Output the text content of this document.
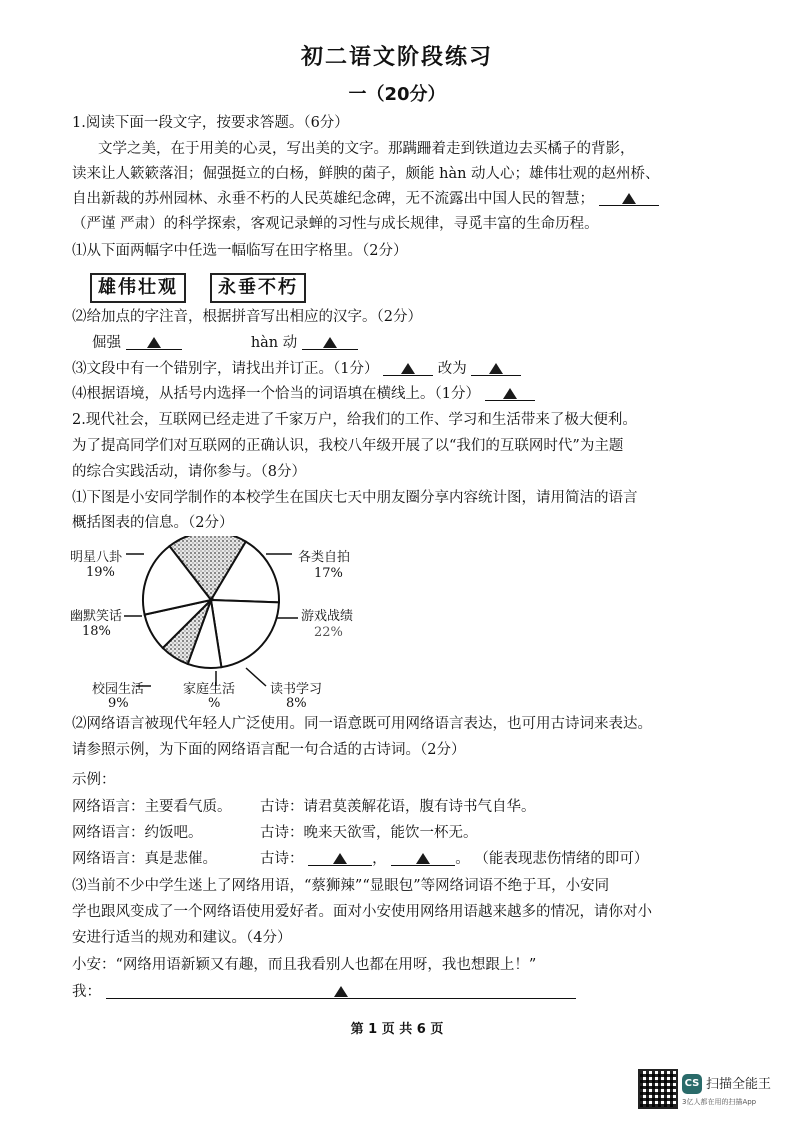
初二语文阶段练习
一（20分）
1.阅读下面一段文字，按要求答题。（6分）
文学之美，在于用美的心灵，写出美的文字。那蹒跚着走到铁道边去买橘子的背影，
读来让人簌簌落泪；倔强挺立的白杨，鲜腴的菌子，颇能 hàn 动人心；雄伟壮观的赵州桥、
自出新裁的苏州园林、永垂不朽的人民英雄纪念碑，无不流露出中国人民的智慧；
（严谨 严肃）的科学探索，客观记录蝉的习性与成长规律，寻觅丰富的生命历程。
⑴从下面两幅字中任选一幅临写在田字格里。（2分）
雄伟壮观	永垂不朽
⑵给加点的字注音，根据拼音写出相应的汉字。（2分）
倔强	hàn 动
⑶文段中有一个错别字，请找出并订正。（1分）	改为
⑷根据语境，从括号内选择一个恰当的词语填在横线上。（1分）
2.现代社会，互联网已经走进了千家万户，给我们的工作、学习和生活带来了极大便利。
为了提高同学们对互联网的正确认识，我校八年级开展了以“我们的互联网时代”为主题
的综合实践活动，请你参与。（8分）
⑴下图是小安同学制作的本校学生在国庆七天中朋友圈分享内容统计图，请用简洁的语言
概括图表的信息。（2分）
明星八卦
19%
各类自拍
17%
游戏战绩
22%
幽默笑话
18%
校园生活
9%
家庭生活
%
读书学习
8%
⑵网络语言被现代年轻人广泛使用。同一语意既可用网络语言表达，也可用古诗词来表达。
请参照示例，为下面的网络语言配一句合适的古诗词。（2分）
示例：
网络语言：主要看气质。 古诗：请君莫羡解花语，腹有诗书气自华。
网络语言：约饭吧。	古诗：晚来天欲雪，能饮一杯无。
网络语言：真是悲催。	古诗：	，	。 （能表现悲伤情绪的即可）
⑶当前不少中学生迷上了网络用语，“蔡狮辣”“显眼包”等网络词语不绝于耳，小安同
学也跟风变成了一个网络语使用爱好者。面对小安使用网络用语越来越多的情况，请你对小
安进行适当的规劝和建议。（4分）
小安：“网络用语新颖又有趣，而且我看别人也都在用呀，我也想跟上！”
我：
第 1 页 共 6 页
CS 扫描全能王
3亿人都在用的扫描App
